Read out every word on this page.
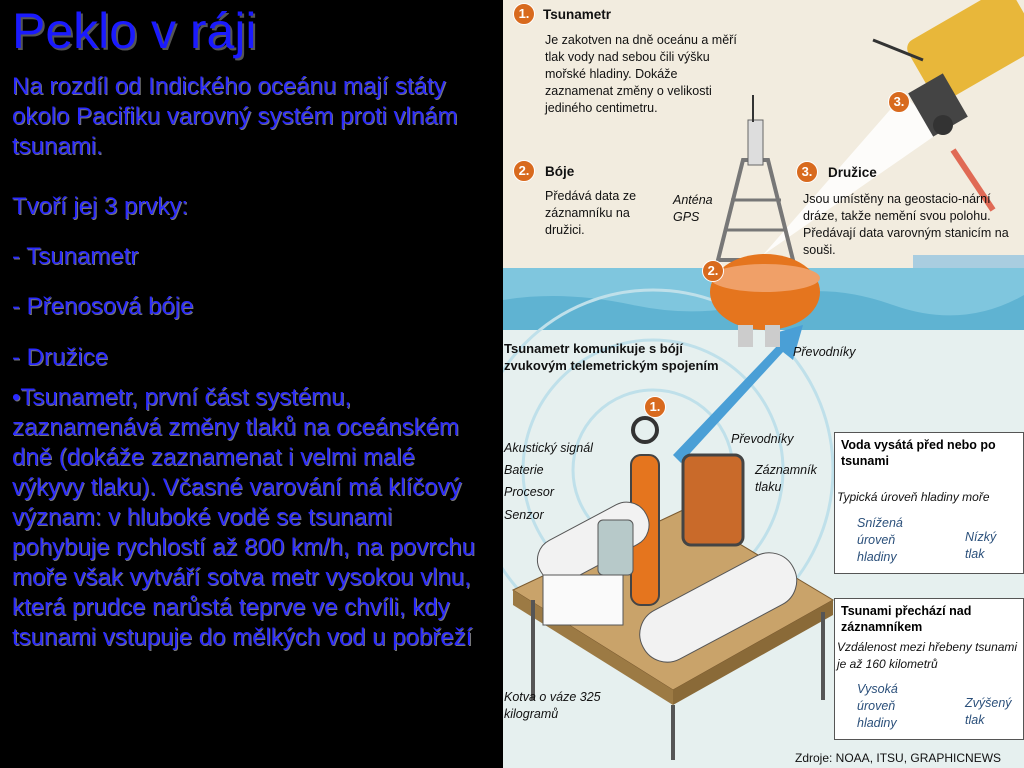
Peklo v ráji
Na rozdíl od Indického oceánu mají státy okolo Pacifiku varovný systém proti vlnám tsunami.
Tvoří jej 3 prvky:
- Tsunametr
- Přenosová bóje
- Družice
•Tsunametr, první část systému, zaznamenává změny tlaků na oceánském dně (dokáže zaznamenat i velmi malé výkyvy tlaku). Včasné varování má klíčový význam: v hluboké vodě se tsunami pohybuje rychlostí až 800 km/h, na povrchu moře však vytváří sotva metr vysokou vlnu, která prudce narůstá teprve ve chvíli, kdy tsunami vstupuje do mělkých vod u pobřeží
1.	Tsunametr
Je zakotven na dně oceánu a měří tlak vody nad sebou čili výšku mořské hladiny. Dokáže zaznamenat změny o velikosti jediného centimetru.
2.	Bóje
Předává data ze záznamníku na družici.
Anténa GPS
3.	Družice
Jsou umístěny na geostacio-nární dráze, takže nemění svou polohu. Předávají data varovným stanicím na souši.
3.
2.
1.
Převodníky
Tsunametr komunikuje s bójí zvukovým telemetrickým spojením
Akustický signál
Baterie
Procesor
Senzor
Převodníky
Záznamník tlaku
Kotva o váze 325 kilogramů
Voda vysátá před nebo po tsunami
Typická úroveň hladiny moře
Snížená úroveň hladiny
Nízký tlak
Tsunami přechází nad záznamníkem
Vzdálenost mezi hřebeny tsunami je až 160 kilometrů
Vysoká úroveň hladiny
Zvýšený tlak
Zdroje: NOAA, ITSU, GRAPHICNEWS
